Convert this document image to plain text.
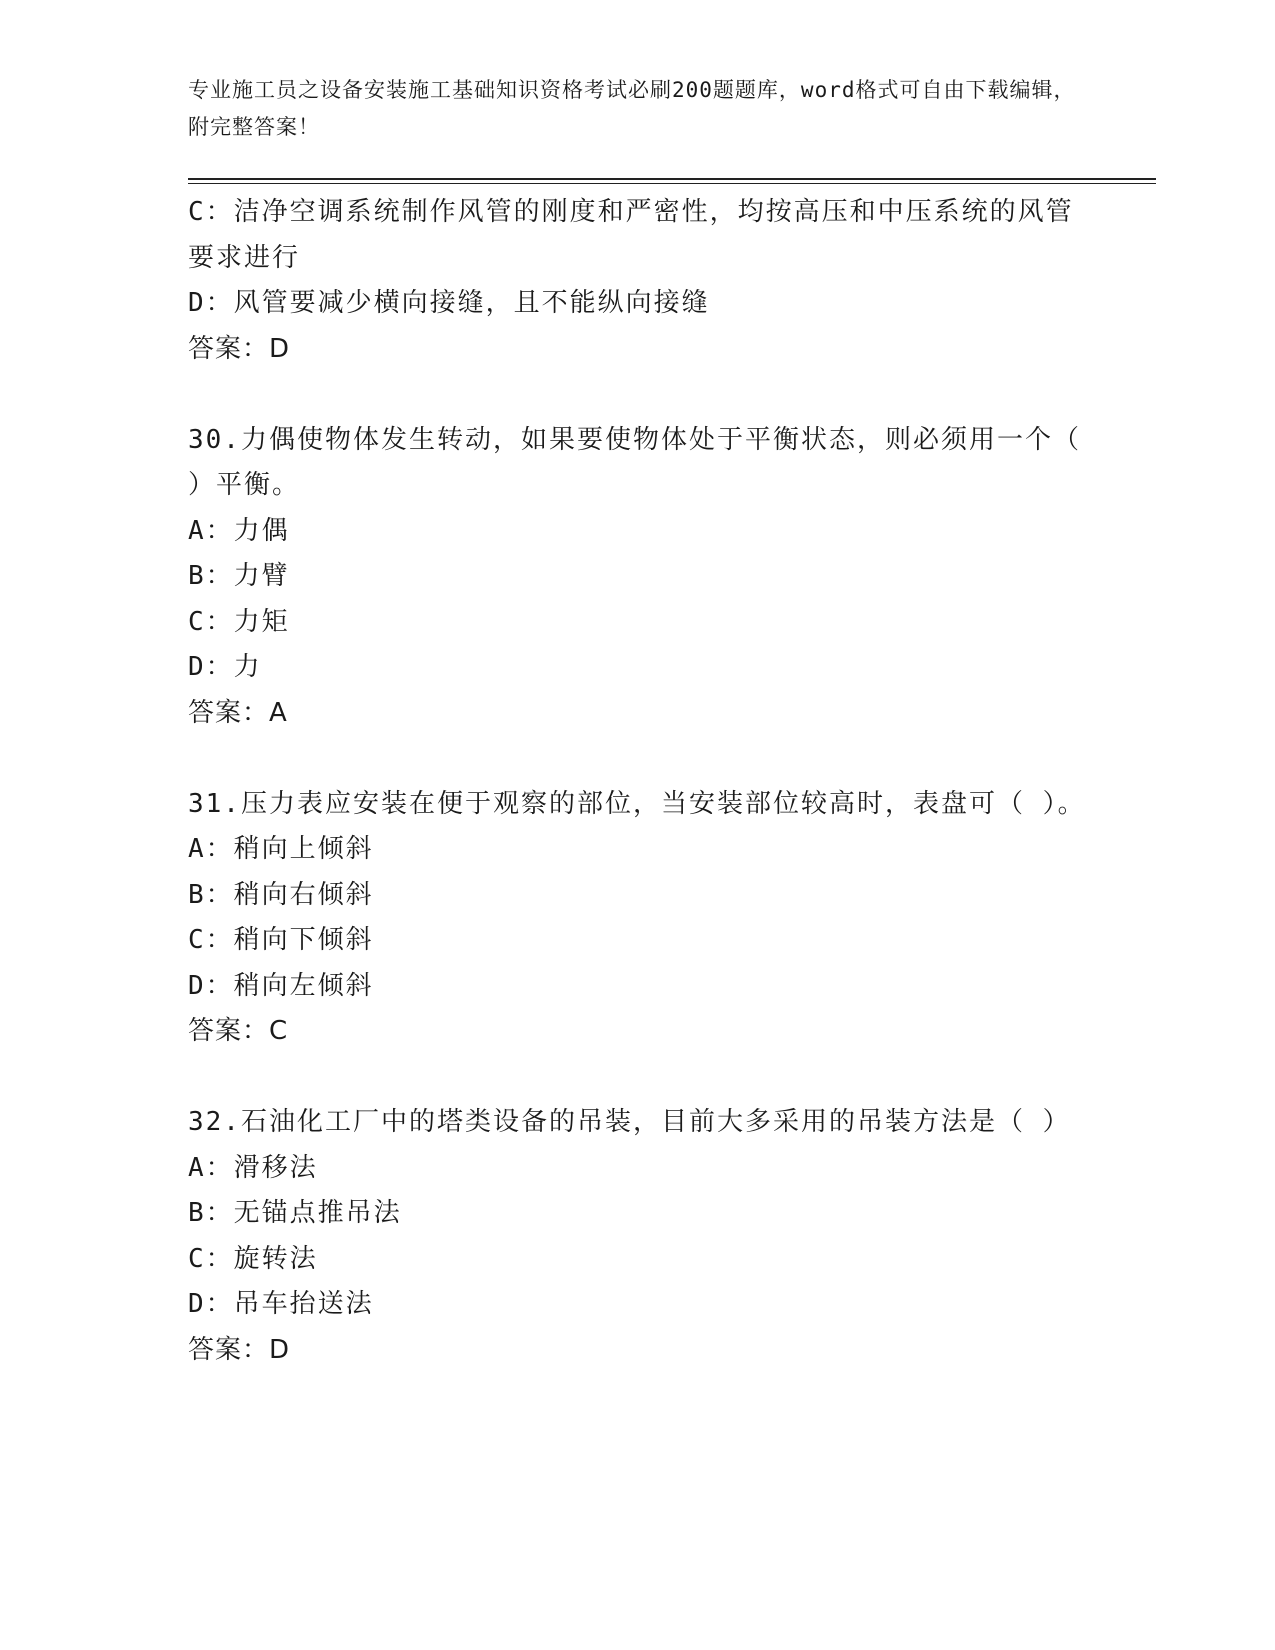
专业施工员之设备安装施工基础知识资格考试必刷200题题库，word格式可自由下载编辑，附完整答案！
C：洁净空调系统制作风管的刚度和严密性，均按高压和中压系统的风管要求进行
D：风管要减少横向接缝，且不能纵向接缝
答案：D
30.力偶使物体发生转动，如果要使物体处于平衡状态，则必须用一个（ ）平衡。
A：力偶
B：力臂
C：力矩
D：力
答案：A
31.压力表应安装在便于观察的部位，当安装部位较高时，表盘可（ ）。
A：稍向上倾斜
B：稍向右倾斜
C：稍向下倾斜
D：稍向左倾斜
答案：C
32.石油化工厂中的塔类设备的吊装，目前大多采用的吊装方法是（ ）
A：滑移法
B：无锚点推吊法
C：旋转法
D：吊车抬送法
答案：D
